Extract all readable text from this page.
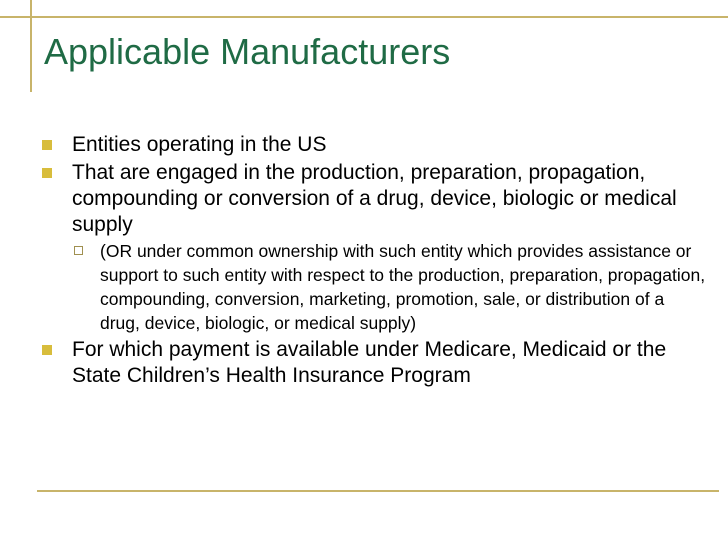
Applicable Manufacturers
Entities operating in the US
That are engaged in the production, preparation, propagation, compounding or conversion of a drug, device, biologic or medical supply
(OR under common ownership with such entity which provides assistance or support to such entity with respect to the production, preparation, propagation, compounding, conversion, marketing, promotion, sale, or distribution of a drug, device, biologic, or medical supply)
For which payment is available under Medicare, Medicaid or the State Children’s Health Insurance Program
